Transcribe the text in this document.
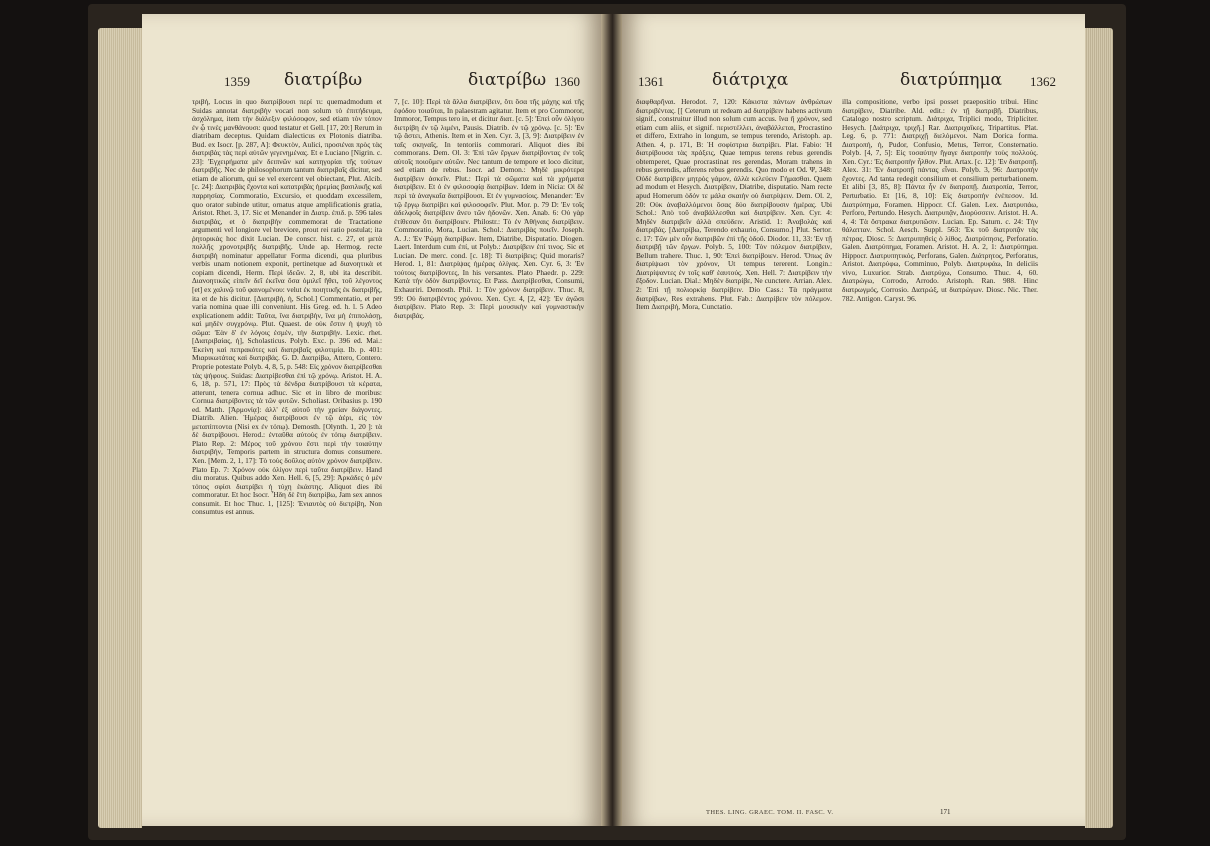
1359 διατρίβω	διατρίβω 1360

τριβή, Locus in quo διατρίβουσι περί τι: quemadmodum et Suidas annotat διατριβὴν vocari non solum τὸ ἐπιτήδευμα, ἀσχόλημα, item τὴν διάλεξιν φιλόσοφον, sed etiam τὸν τόπον ἐν ᾧ τινὲς μανθάνουσι: quod testatur et Gell. [17, 20:] Rerum in diatribam deceptus. Quidam dialecticus ex Plotonis diatriba. Bud. ex Isocr. [p. 287, A]: Φευκτὸν, Aulici, προσιέναι πρὸς τὰς διατριβὰς τὰς περὶ αὐτῶν γεγενημένας. Et e Luciano [Nigrin. c. 23]: Ἐγχειρήματα μὲν δειπνῶν καὶ κατηγορίαι τῆς τούτων διατριβῆς. Nec de philosophorum tantum διατριβαῖς dicitur, sed etiam de aliorum, qui se vel exercent vel obiectant, Plut. Alcib. [c. 24]: Διατριβὰς ἔχοντα καὶ κατατριβὰς ἡρεμίας βασιλικῆς καὶ παρρησίας. Commoratio, Excursio, et quoddam excessilem, quo orator subinde utitur, ornatus atque amplificationis gratia, Aristot. Rhet. 3, 17. Sic et Menander in Διατρ. ἐπιδ. p. 596 tales διατριβὰς, et ὁ διατριβὴν commemorat de Tractatione argumenti vel longiore vel breviore, prout rei ratio postulat; ita ῥητορικὰς hoc dixit Lucian. De conscr. hist. c. 27, et μετὰ πολλῆς χρονοτριβῆς διατριβῆς. Unde ap. Hermog. recte διατριβὴ nominatur appellatur Forma dicendi, qua pluribus verbis unam notionem exponit, pertinetque ad διανοητικὰ et copiam dicendi, Herm. Περὶ ἰδεῶν. 2, 8, ubi ita describit. Διανοητικῶς εἰπεῖν δεῖ ἐκεῖνα ὅσα ὁμιλεῖ ἤθει, τοῦ λέγοντος [et] ex χαλινῷ τοῦ φαινομένου: velut ἐκ ποιητικῆς ἐκ διατριβῆς, ita et de his dicitur. [Διατριβὴ, ἡ, Schol.] Commentatio, et per varia nomina quae illi conveniunt. His Greg. ed. h. l. 5 Adeo explicationem addit: Ταῦτα, ἵνα διατριβὴν, ἵνα μὴ ἐπιπολάσῃ, καὶ μηδὲν συγχρόνῳ. Plut. Quaest. de οὐκ ἔστιν ἡ ψυχὴ τὸ σῶμα: Ἐὰν δ' ἐν λόγοις ἐσμὲν, τὴν διατριβήν. Lexic. rhet. [Διατριβαίας, ἡ], Scholasticus. Polyb. Exc. p. 396 ed. Mai.: Ἐκείνη καὶ πεπρακότες καὶ διατριβαῖς φιλοτιμίᾳ. Ib. p. 401: Μιαρικωτάτας καὶ διατριβάς. G. D. Διατρίβω, Attero, Contero. Proprie potestate Polyb. 4, 8, 5, p. 548: Εἰς χρόνον διατρίβεσθαι τὰς ψήφους. Suidas: Διατρίβεσθαι ἐπὶ τῷ χρόνῳ. Aristot. H. A. 6, 18, p. 571, 17: Πρὸς τὰ δένδρα διατρίβουσι τὰ κέρατα, atterunt, tenera cornua adhuc. Sic et in libro de moribus: Cornua διατρίβοντες τὰ τῶν φυτῶν. Scholiast. Oribasius p. 190 ed. Matth. [Ἀρμονίᾳ]: ἀλλ' ἐξ αὐτοῦ τὴν χρείαν διάγοντες. Diatrib. Alien. Ἡμέρας διατρίβουσι ἐν τῷ ἀέρι, εἰς τὸν μεταπίπτοντα (Nisi ex ἐν τόπῳ). Demosth. [Olynth. 1, 20 ]: τὰ δὲ διατρίβουσι. Herod.: ἐνταῦθα αὐτοὺς ἐν τόπῳ διατρίβειν. Plato Rep. 2: Μέρος τοῦ χρόνου ἔστι περὶ τὴν τοιαύτην διατριβήν, Temporis partem in structura domus consumere. Xen. [Mem. 2, 1, 17]: Τὸ τοὺς δοῦλος αὐτὸν χρόνον διατρίβειν. Plato Ep. 7: Χρόνον οὐκ ὀλίγον περὶ ταῦτα διατρίβειν. Hand diu moratus. Quibus addo Xen. Hell. 6, [5, 29]: Ἀρκάδες ὁ μὲν τόπος σφίσι διατρίβει ἡ τύχη ἑκάστης. Aliquot dies ibi commoratur. Et hoc Isocr. Ἦδη δὲ ἔτη διατρίβω, Jam sex annos consumit. Et hoc Thuc. 1, [125]: Ἐνιαυτὸς οὐ διετρίβη, Non consumtus est annus.

7, [c. 10]: Περὶ τὰ ἄλλα διατρίβειν, ὅτι ὅσα τῆς μάχης καὶ τῆς ἐφόδου τοιαῦται, In palaestram agitatur. Item et pro Commoror, Immoror, Tempus tero in, et dicitur διατ. [c. 5]: Ἐπεὶ οὖν ὀλίγου διετρίβη ἐν τῷ λιμένι, Pausis. Diatrib. ἐν τῷ χρόνῳ. [c. 5]: Ἐν τῷ ἄστει, Athenis. Item et in Xen. Cyr. 3, [3, 9]: Διατρίβειν ἐν ταῖς σκηναῖς, In tentoriis commorari. Aliquot dies ibi commorans. Dem. Ol. 3: Ἐπὶ τῶν ἔργων διατρίβοντας ἐν τοῖς αὐτοῖς ποιοῦμεν αὐτῶν. Nec tantum de tempore et loco dicitur, sed etiam de rebus. Isocr. ad Demon.: Μηδὲ μικρότερα διατρίβειν ἀσκεῖν. Plut.: Περὶ τὰ σῶματα καὶ τὰ χρήματα διατρίβειν. Et ὁ ἐν φιλοσοφίᾳ διατρίβων. Idem in Nicia: Οἱ δὲ περὶ τὰ ἀναγκαῖα διατρίβουσι. Et ἐν γυμνασίοις. Menander: Ἐν τῷ ἔργῳ διατρίβει καὶ φιλοσοφεῖν. Plut. Mor. p. 79 D: Ἐν τοῖς ἀδελφοῖς διατρίβειν ἄνευ τῶν ἡδονῶν. Xen. Anab. 6: Οὐ γὰρ ἐτίθεσαν ὅτι διατρίβοιεν. Philostr.: Τὸ ἐν Ἀθήναις διατρίβειν. Commoratio, Mora, Lucian. Schol.: Διατριβὰς ποιεῖν. Joseph. A. J.: Ἐν Ῥώμῃ διατρίβων. Item, Diatribe, Disputatio. Diogen. Laert. Interdum cum ἐπί, ut Polyb.: Διατρίβειν ἐπί τινος. Sic et Lucian. De merc. cond. [c. 18]: Τί διατρίβεις; Quid moraris? Herod. 1, 81: Διατρίψας ἡμέρας ὀλίγας. Xen. Cyr. 6, 3: Ἐν τούτοις διατρίβοντες, In his versantes. Plato Phaedr. p. 229: Κατὰ τὴν ὁδὸν διατρίβοντες. Et Pass. Διατρίβεσθαι, Consumi, Exhauriri. Demosth. Phil. 1: Τὸν χρόνον διατρίβειν. Thuc. 8, 99: Οὐ διατριβέντος χρόνου. Xen. Cyr. 4, [2, 42]: Ἐν ἀγῶσι διατρίβειν. Plato Rep. 3: Περὶ μουσικὴν καὶ γυμναστικὴν διατριβάς.

1361	διάτριχα	διατρύπημα 1362

διαφθαρῆναι. Herodot. 7, 120: Κάκιστα πάντων ἀνθρώπων διατριβέντας. [[ Ceterum ut redeam ad διατρίβειν habens activum signif., construitur illud non solum cum accus. ἵνα ἢ χρόνον, sed etiam cum aliis, et signif. περιστέλλει, ἀναβάλλεται, Procrastino et differo, Extraho in longum, se tempus terendo, Aristoph. ap. Athen. 4, p. 171, B: Ἡ σοφίστρια διατρίβει. Plat. Fabio: Ἡ διατρίβουσα τὰς πράξεις, Quae tempus terens rebus gerendis obtemperet, Quae procrastinat res gerendas, Moram trahens in rebus gerendis, afferens rebus gerendis. Quo modo et Od. Ψ, 348: Οὐδὲ διατρίβειν μητρὸς γάμον, ἀλλὰ κελεύειν Γήμασθαι. Quem ad modum et Hesych. Διατρίβειν, Diatribe, disputatio. Nam recte apud Homerum ὁδόν τε μάλα σκαιὴν οὐ διατρίψειν. Dem. Ol. 2, 20: Οὐκ ἀναβαλλόμενοι ὅσας δύο διατρίβουσιν ἡμέρας. Ubi Schol.: Ἀπὸ τοῦ ἀναβάλλεσθαι καὶ διατρίβειν. Xen. Cyr. 4: Μηδὲν διατριβεῖν ἀλλὰ σπεύδειν. Aristid. 1: Ἀναβολὰς καὶ διατριβάς. [Διατρίβω, Terendo exhaurio, Consumo.] Plut. Sertor. c. 17: Τῶν μὲν οὖν διατριβῶν ἐπὶ τῆς ὁδοῦ. Diodor. 11, 33: Ἐν τῇ διατριβῇ τῶν ἔργων. Polyb. 5, 100: Τὸν πόλεμον διατρίβειν, Bellum trahere. Thuc. 1, 90: Ἐπεὶ διατρίβοιεν. Herod. Ὅπως ἂν διατρίψωσι τὸν χρόνον, Ut tempus tererent. Longin.: Διατρίψαντες ἐν τοῖς καθ' ἑαυτούς. Xen. Hell. 7: Διατρίβειν τὴν ἔξοδον. Lucian. Dial.: Μηδὲν διατρίβε, Ne cunctere. Arrian. Alex. 2: Ἐπὶ τῇ πολιορκίᾳ διατρίβειν. Dio Cass.: Τὰ πράγματα διατρίβων, Res extrahens. Plut. Fab.: Διατρίβειν τὸν πόλεμον. Item Διατριβή, Mora, Cunctatio.

illa compositione, verbo ipsi posset praepositio tribui. Hinc διατρίβειν, Diatribe. Ald. edit.: ἐν τῇ διατριβῇ. Diatribus, Catalogo nostro scriptum. Διάτριχα, Triplici modo, Tripliciter. Hesych. [Διάτριχα, τριχῆ.] Rar. Διατριχαΐκες, Tripartitus. Plat. Leg. 6, p. 771: Διατριχῇ διελόμενοι. Nam Dorica forma. Διατροπή, ἡ, Pudor, Confusio, Metus, Terror, Consternatio. Polyb. [4, 7, 5]: Εἰς τοσαύτην ἤγαγε διατροπὴν τοὺς πολλούς. Xen. Cyr.: Ἐς διατροπὴν ἦλθον. Plut. Artax. [c. 12]: Ἐν διατροπῇ. Alex. 31: Ἐν διατροπῇ πάντας εἶναι. Polyb. 3, 96: Διατροπὴν ἔχοντες. Ad tanta redegit consilium et consilium perturbationem. Et alibi [3, 85, 8]: Πάντα ἦν ἐν διατροπῇ. Διατροπία, Terror, Perturbatio. Et [16, 8, 10]: Εἰς διατροπὴν ἐνέπεσον. Id. Διατρύπημα, Foramen. Hippocr. Cf. Galen. Lex. Διατρυπάω, Perforo, Pertundo. Hesych. Διατρυπᾷν, Διορύσσειν. Aristot. H. A. 4, 4: Τὰ ὄστρακα διατρυπῶσιν. Lucian. Ep. Saturn. c. 24: Τὴν θάλατταν. Schol. Aesch. Suppl. 563: Ἐκ τοῦ διατρυπᾷν τὰς πέτρας. Diosc. 5: Διατρυπηθεὶς ὁ λίθος. Διατρύπησις, Perforatio. Galen. Διατρύπημα, Foramen. Aristot. H. A. 2, 1: Διατρύπημα. Hippocr. Διατρυπητικός, Perforans, Galen. Διάτρητος, Perforatus, Aristot. Διατρύφω, Comminuo, Polyb. Διατρυφάω, In deliciis vivo, Luxurior. Strab. Διατρύχω, Consumo. Thuc. 4, 60. Διατρώγω, Corrodo, Arrodo. Aristoph. Ran. 988. Hinc διατρωγμός, Corrosio. Διατρώξ, ut διατρώγων. Diosc. Nic. Ther. 782. Antigon. Caryst. 96.

THES. LING. GRAEC. TOM. II. FASC. V.	171
